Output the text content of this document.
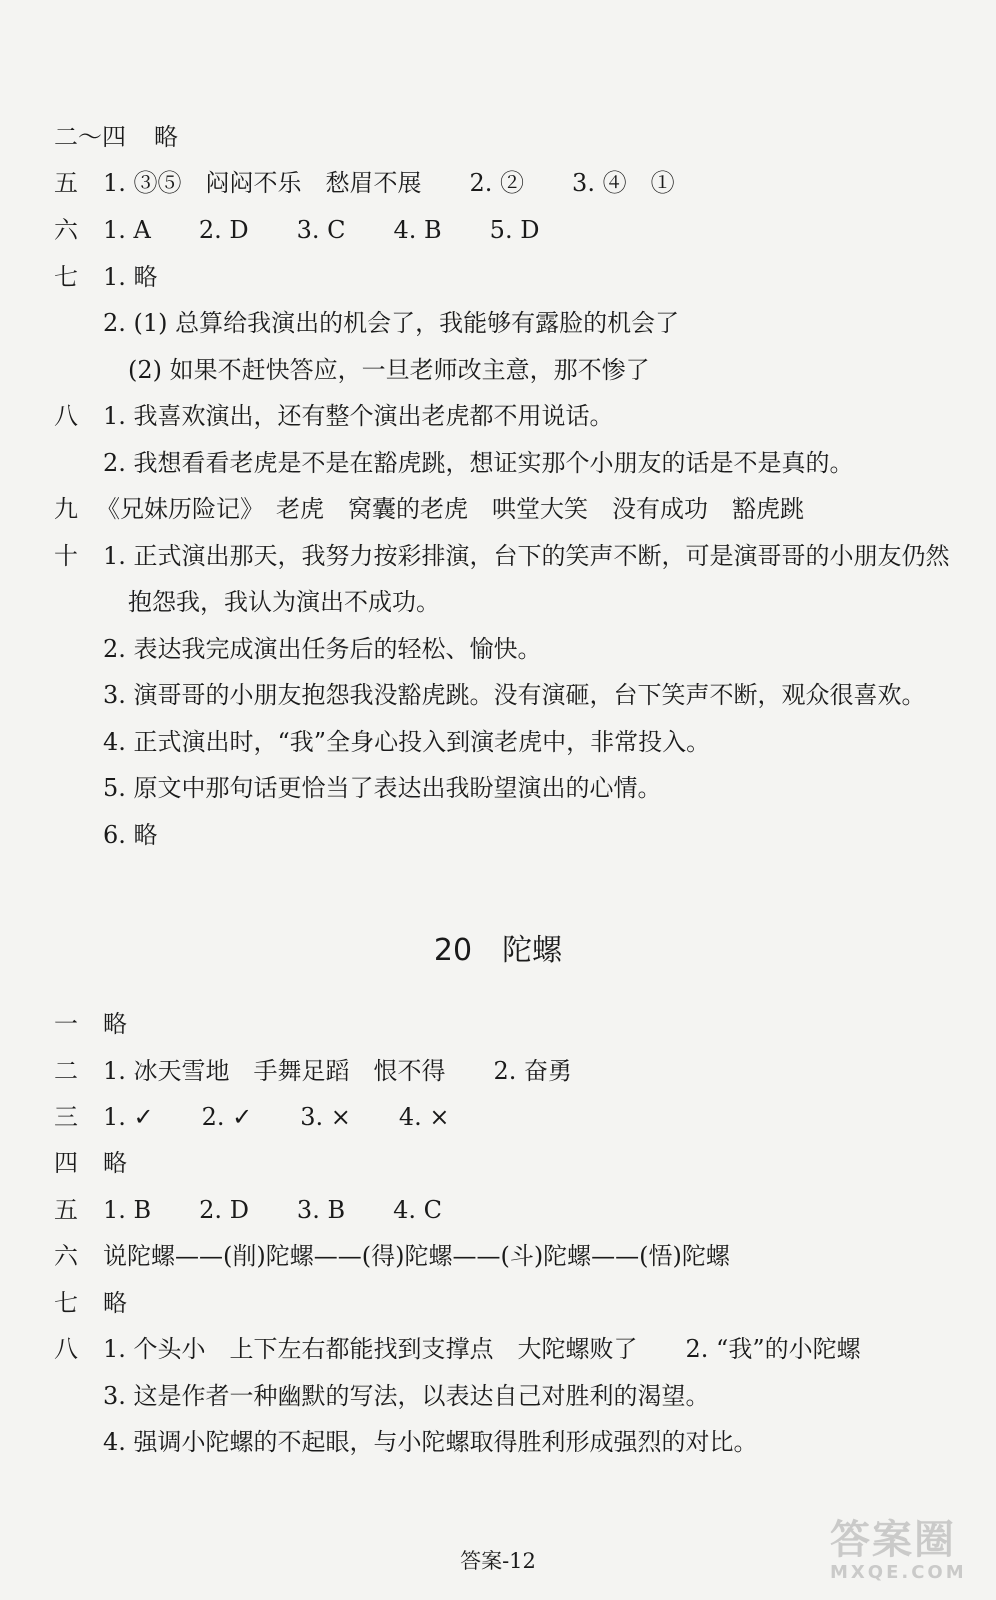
二～四 略
五 1. ③⑤　闷闷不乐　愁眉不展　　2. ②　　3. ④　①
六 1. A　　2. D　　3. C　　4. B　　5. D
七 1. 略
2. (1) 总算给我演出的机会了，我能够有露脸的机会了
(2) 如果不赶快答应，一旦老师改主意，那不惨了
八 1. 我喜欢演出，还有整个演出老虎都不用说话。
2. 我想看看老虎是不是在豁虎跳，想证实那个小朋友的话是不是真的。
九 《兄妹历险记》　老虎　窝囊的老虎　哄堂大笑　没有成功　豁虎跳
十 1. 正式演出那天，我努力按彩排演，台下的笑声不断，可是演哥哥的小朋友仍然
抱怨我，我认为演出不成功。
2. 表达我完成演出任务后的轻松、愉快。
3. 演哥哥的小朋友抱怨我没豁虎跳。没有演砸，台下笑声不断，观众很喜欢。
4. 正式演出时，“我”全身心投入到演老虎中，非常投入。
5. 原文中那句话更恰当了表达出我盼望演出的心情。
6. 略
20　陀螺
一 略
二 1. 冰天雪地　手舞足蹈　恨不得　　2. 奋勇
三 1. ✓　　2. ✓　　3. ×　　4. ×
四 略
五 1. B　　2. D　　3. B　　4. C
六 说陀螺——(削)陀螺——(得)陀螺——(斗)陀螺——(悟)陀螺
七 略
八 1. 个头小　上下左右都能找到支撑点　大陀螺败了　　2. “我”的小陀螺
3. 这是作者一种幽默的写法，以表达自己对胜利的渴望。
4. 强调小陀螺的不起眼，与小陀螺取得胜利形成强烈的对比。
答案-12	答案圈
MXQE.COM
